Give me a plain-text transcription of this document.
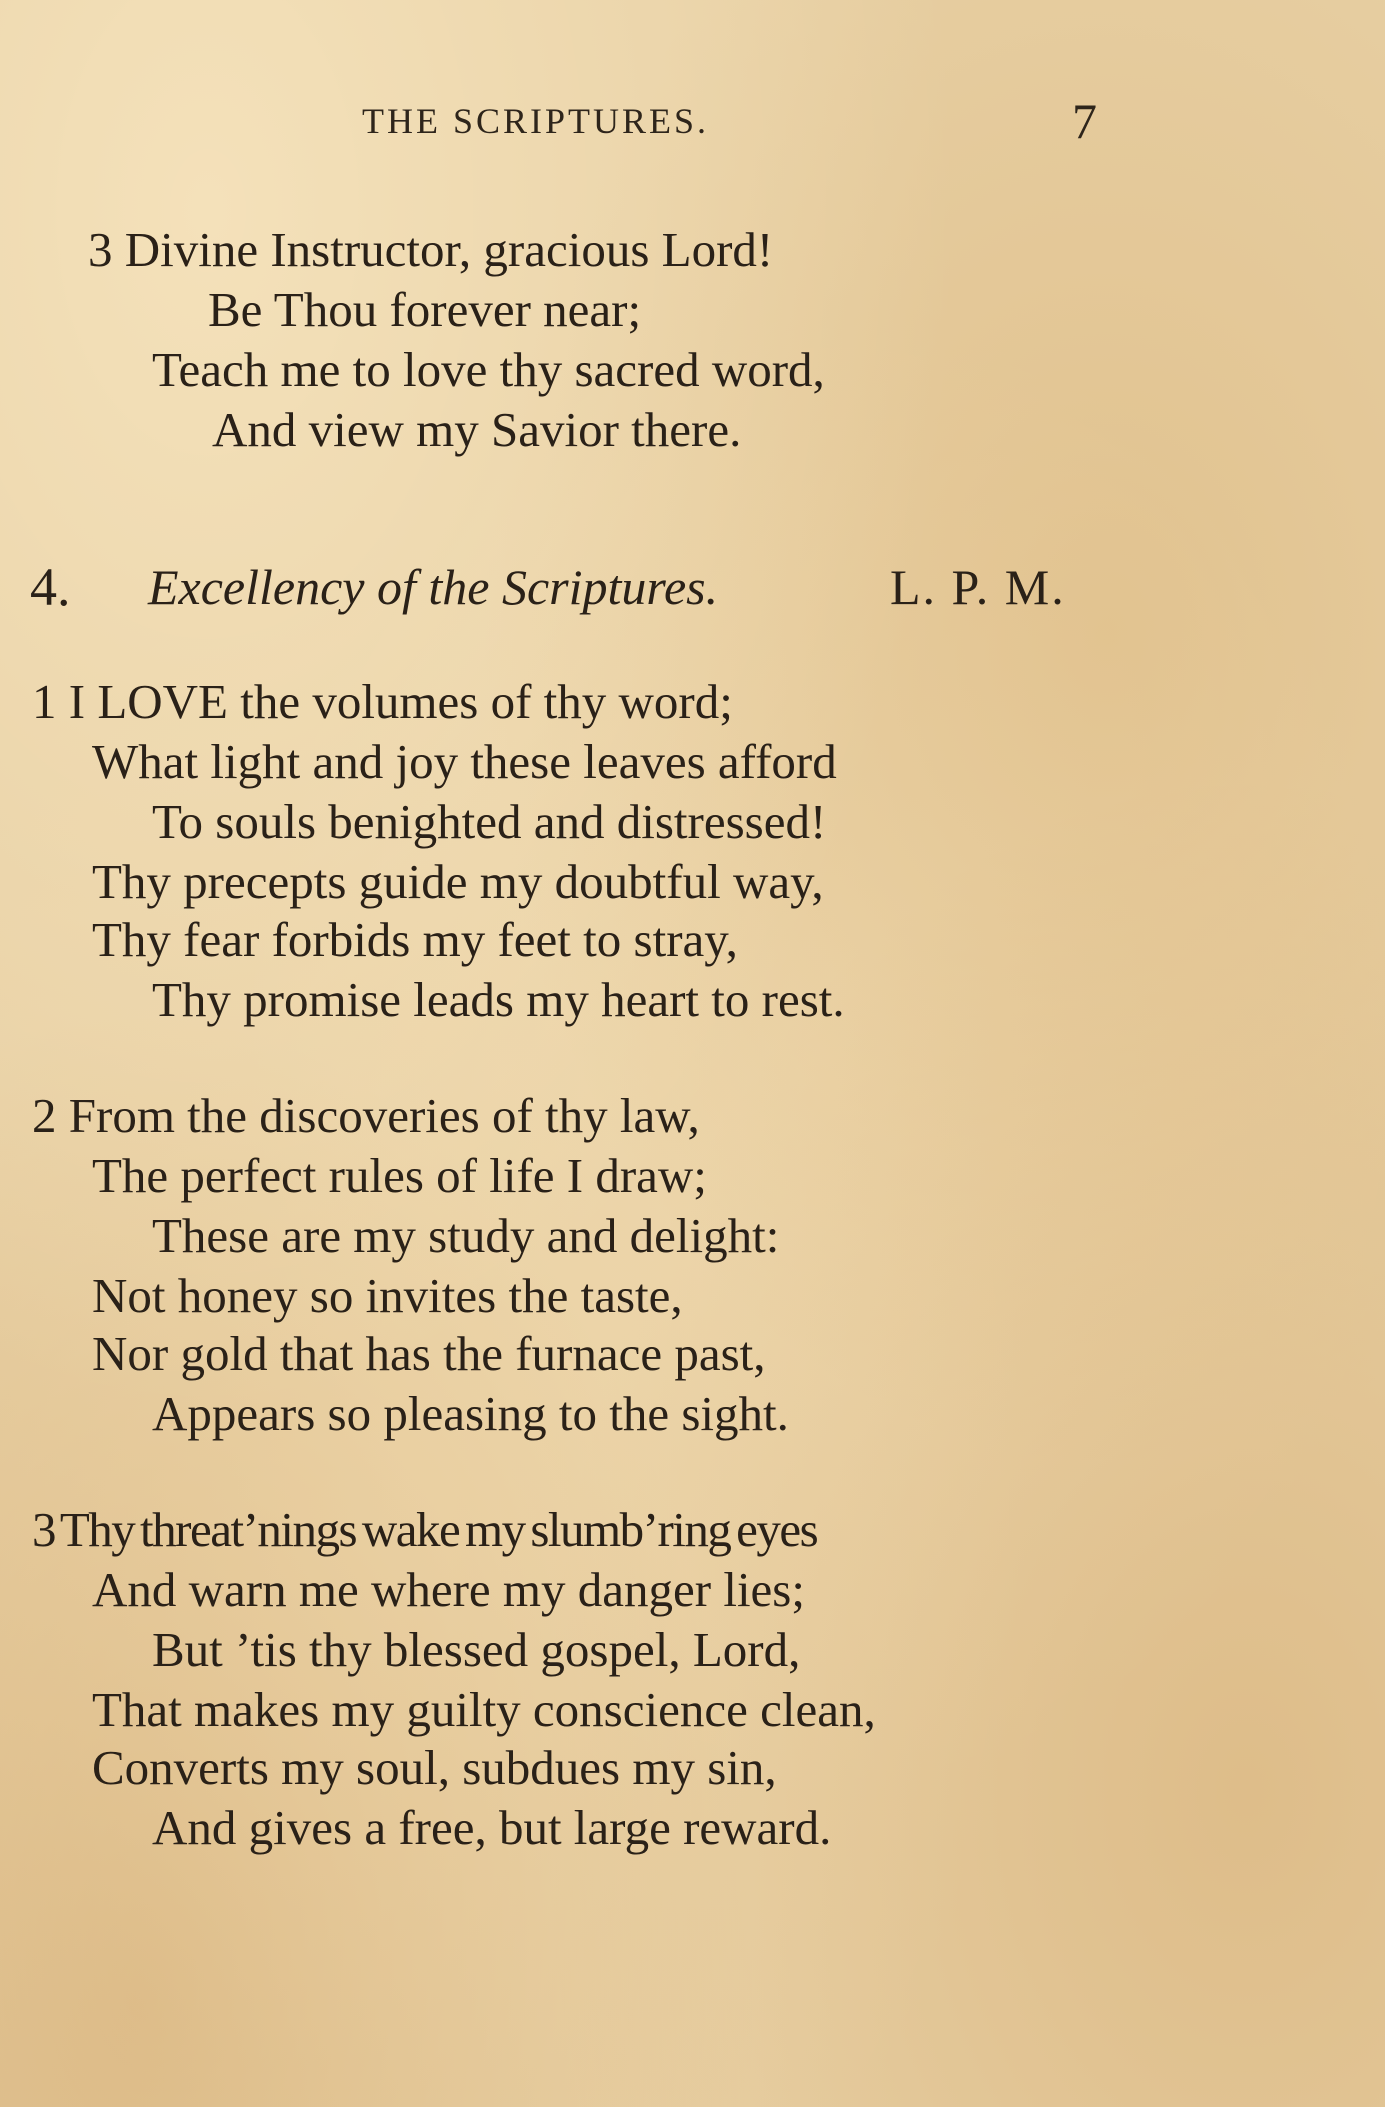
THE SCRIPTURES.	7
3 Divine Instructor, gracious Lord!
Be Thou forever near;
Teach me to love thy sacred word,
And view my Savior there.
4. Excellency of the Scriptures.	L. P. M.
1 I LOVE the volumes of thy word;
What light and joy these leaves afford
To souls benighted and distressed!
Thy precepts guide my doubtful way,
Thy fear forbids my feet to stray,
Thy promise leads my heart to rest.
2 From the discoveries of thy law,
The perfect rules of life I draw;
These are my study and delight:
Not honey so invites the taste,
Nor gold that has the furnace past,
Appears so pleasing to the sight.
3 Thy threat’nings wake my slumb’ring eyes
And warn me where my danger lies;
But ’tis thy blessed gospel, Lord,
That makes my guilty conscience clean,
Converts my soul, subdues my sin,
And gives a free, but large reward.
